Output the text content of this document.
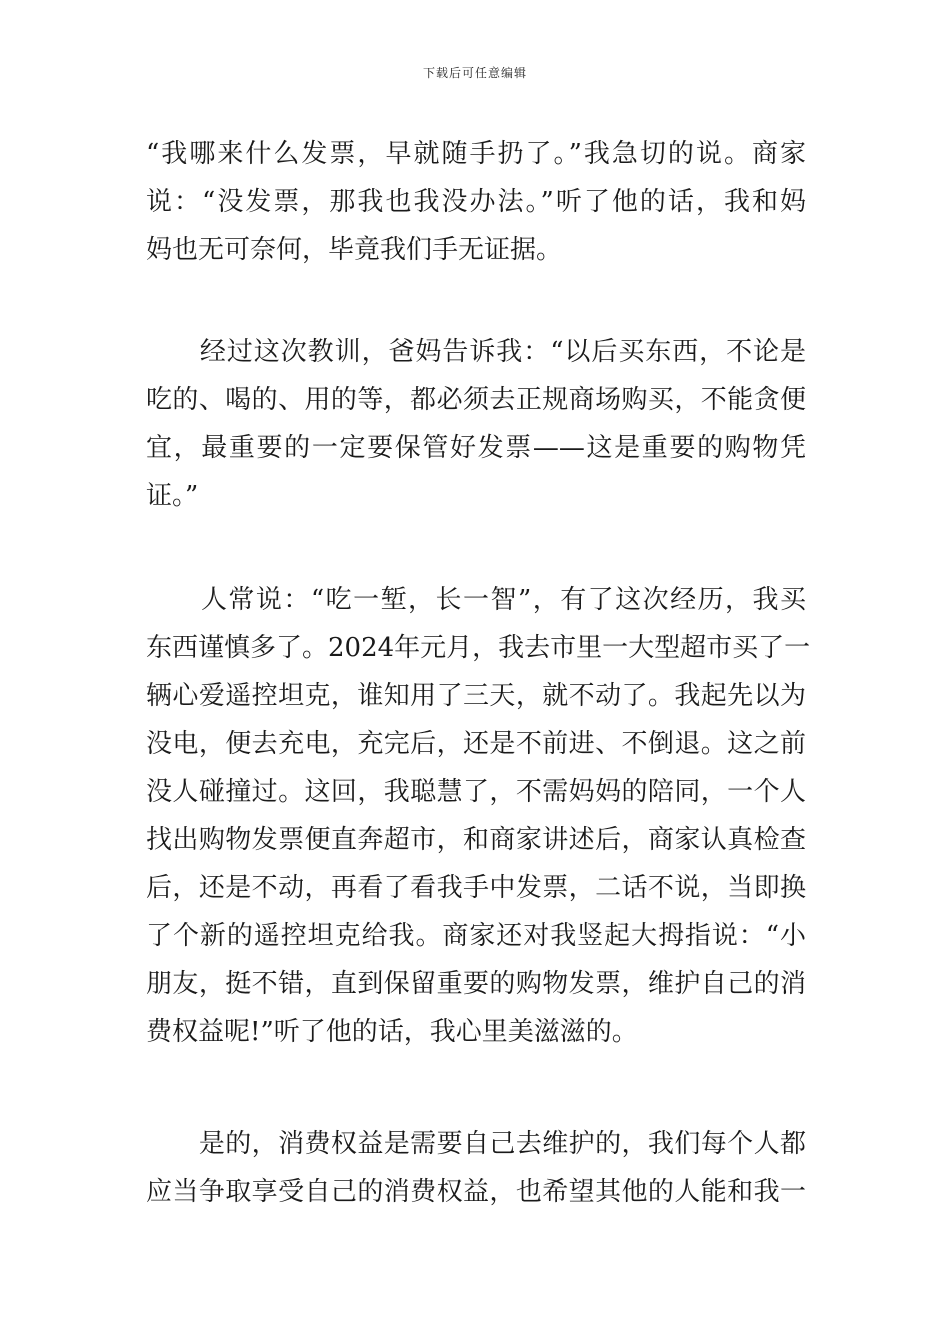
下载后可任意编辑
“我哪来什么发票，早就随手扔了。”我急切的说。商家
说：“没发票，那我也我没办法。”听了他的话，我和妈
妈也无可奈何，毕竟我们手无证据。
　　经过这次教训，爸妈告诉我：“以后买东西，不论是
吃的、喝的、用的等，都必须去正规商场购买，不能贪便
宜，最重要的一定要保管好发票——这是重要的购物凭
证。”
　　人常说：“吃一堑，长一智”，有了这次经历，我买
东西谨慎多了。2024年元月，我去市里一大型超市买了一
辆心爱遥控坦克，谁知用了三天，就不动了。我起先以为
没电，便去充电，充完后，还是不前进、不倒退。这之前
没人碰撞过。这回，我聪慧了，不需妈妈的陪同，一个人
找出购物发票便直奔超市，和商家讲述后，商家认真检查
后，还是不动，再看了看我手中发票，二话不说，当即换
了个新的遥控坦克给我。商家还对我竖起大拇指说：“小
朋友，挺不错，直到保留重要的购物发票，维护自己的消
费权益呢!”听了他的话，我心里美滋滋的。
　　是的，消费权益是需要自己去维护的，我们每个人都
应当争取享受自己的消费权益，也希望其他的人能和我一
